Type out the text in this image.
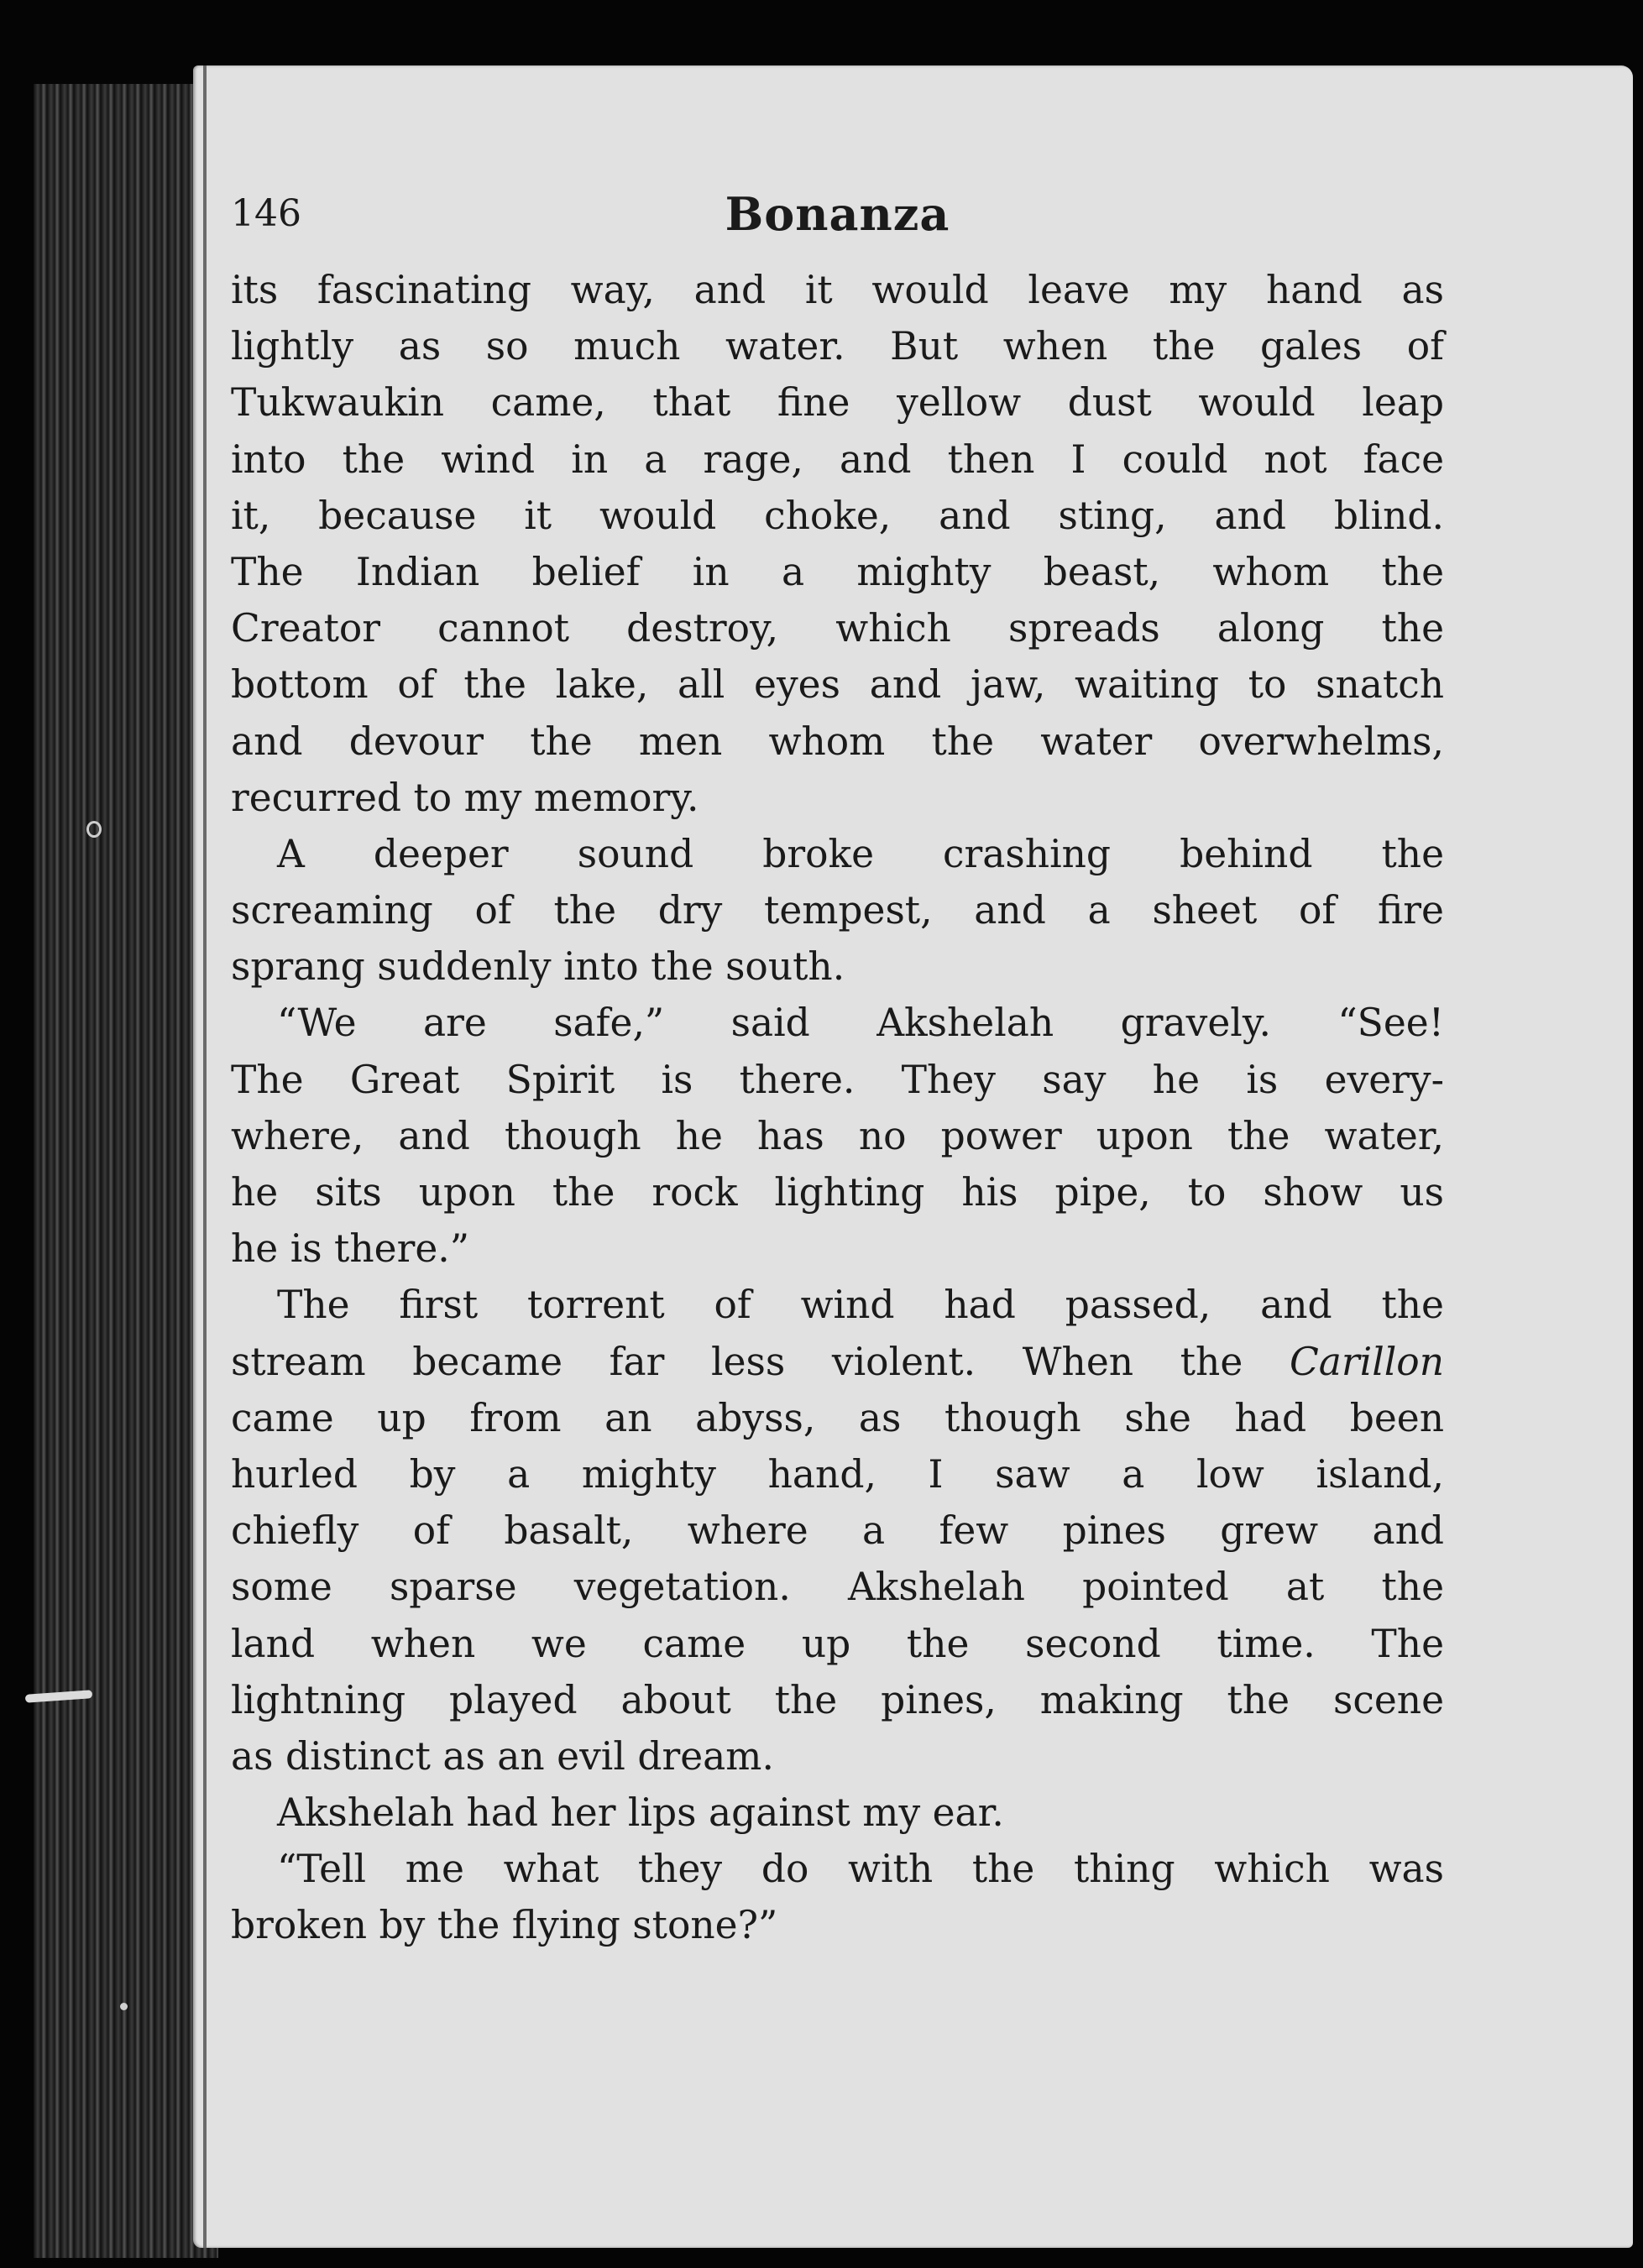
146	Bonanza
its fascinating way, and it would leave my hand as
lightly as so much water. But when the gales of
Tukwaukin came, that fine yellow dust would leap
into the wind in a rage, and then I could not face
it, because it would choke, and sting, and blind.
The Indian belief in a mighty beast, whom the
Creator cannot destroy, which spreads along the
bottom of the lake, all eyes and jaw, waiting to snatch
and devour the men whom the water overwhelms,
recurred to my memory.
A deeper sound broke crashing behind the
screaming of the dry tempest, and a sheet of fire
sprang suddenly into the south.
“We are safe,” said Akshelah gravely. “See!
The Great Spirit is there. They say he is every-
where, and though he has no power upon the water,
he sits upon the rock lighting his pipe, to show us
he is there.”
The first torrent of wind had passed, and the
stream became far less violent. When the Carillon
came up from an abyss, as though she had been
hurled by a mighty hand, I saw a low island,
chiefly of basalt, where a few pines grew and
some sparse vegetation. Akshelah pointed at the
land when we came up the second time. The
lightning played about the pines, making the scene
as distinct as an evil dream.
Akshelah had her lips against my ear.
“Tell me what they do with the thing which was
broken by the flying stone?”
